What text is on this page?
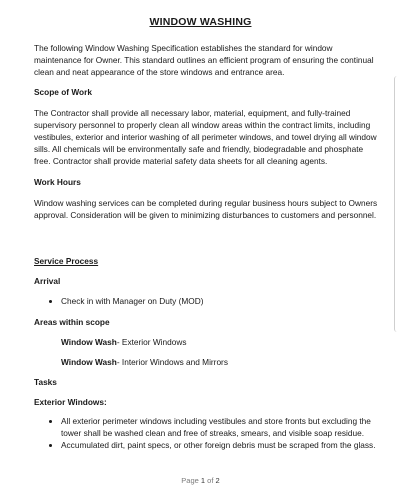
WINDOW WASHING

The following Window Washing Specification establishes the standard for window maintenance for Owner. This standard outlines an efficient program of ensuring the continual clean and neat appearance of the store windows and entrance area.

Scope of Work

The Contractor shall provide all necessary labor, material, equipment, and fully-trained supervisory personnel to properly clean all window areas within the contract limits, including vestibules, exterior and interior washing of all perimeter windows, and towel drying all window sills. All chemicals will be environmentally safe and friendly, biodegradable and phosphate free. Contractor shall provide material safety data sheets for all cleaning agents.

Work Hours

Window washing services can be completed during regular business hours subject to Owners approval. Consideration will be given to minimizing disturbances to customers and personnel.

Service Process

Arrival

Check in with Manager on Duty (MOD)

Areas within scope

Window Wash- Exterior Windows

Window Wash- Interior Windows and Mirrors

Tasks

Exterior Windows:

All exterior perimeter windows including vestibules and store fronts but excluding the tower shall be washed clean and free of streaks, smears, and visible soap residue.
Accumulated dirt, paint specs, or other foreign debris must be scraped from the glass.
Page 1 of 2
